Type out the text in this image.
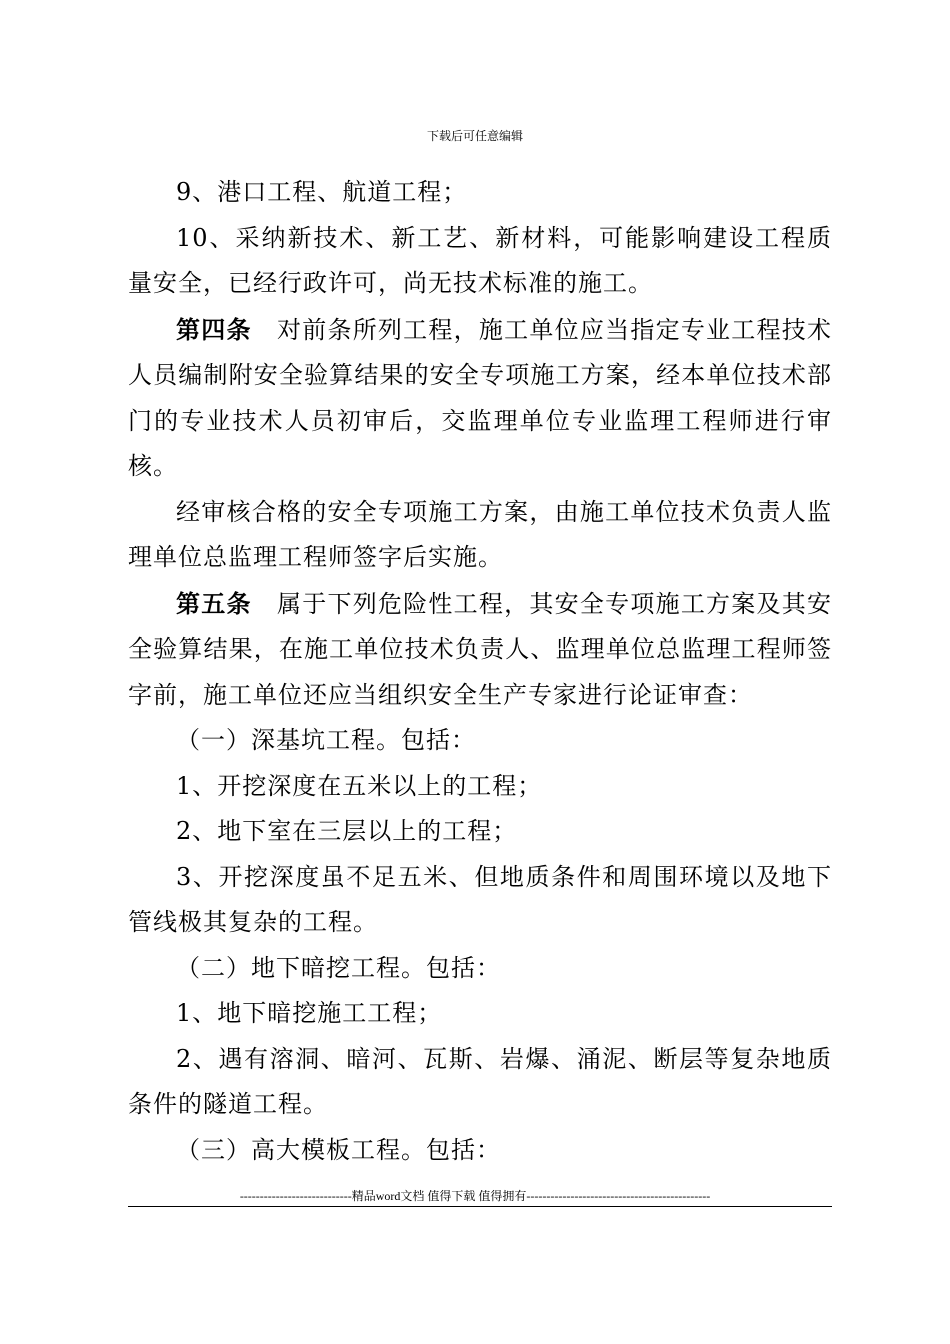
下载后可任意编辑

9、港口工程、航道工程；

10、采纳新技术、新工艺、新材料，可能影响建设工程质量安全，已经行政许可，尚无技术标准的施工。

第四条  对前条所列工程，施工单位应当指定专业工程技术人员编制附安全验算结果的安全专项施工方案，经本单位技术部门的专业技术人员初审后，交监理单位专业监理工程师进行审核。

经审核合格的安全专项施工方案，由施工单位技术负责人监理单位总监理工程师签字后实施。

第五条  属于下列危险性工程，其安全专项施工方案及其安全验算结果，在施工单位技术负责人、监理单位总监理工程师签字前，施工单位还应当组织安全生产专家进行论证审查：

（一）深基坑工程。包括：

1、开挖深度在五米以上的工程；

2、地下室在三层以上的工程；

3、开挖深度虽不足五米、但地质条件和周围环境以及地下管线极其复杂的工程。

（二）地下暗挖工程。包括：

1、地下暗挖施工工程；

2、遇有溶洞、暗河、瓦斯、岩爆、涌泥、断层等复杂地质条件的隧道工程。

（三）高大模板工程。包括：

----------------------------精品word文档 值得下载 值得拥有----------------------------------------------
